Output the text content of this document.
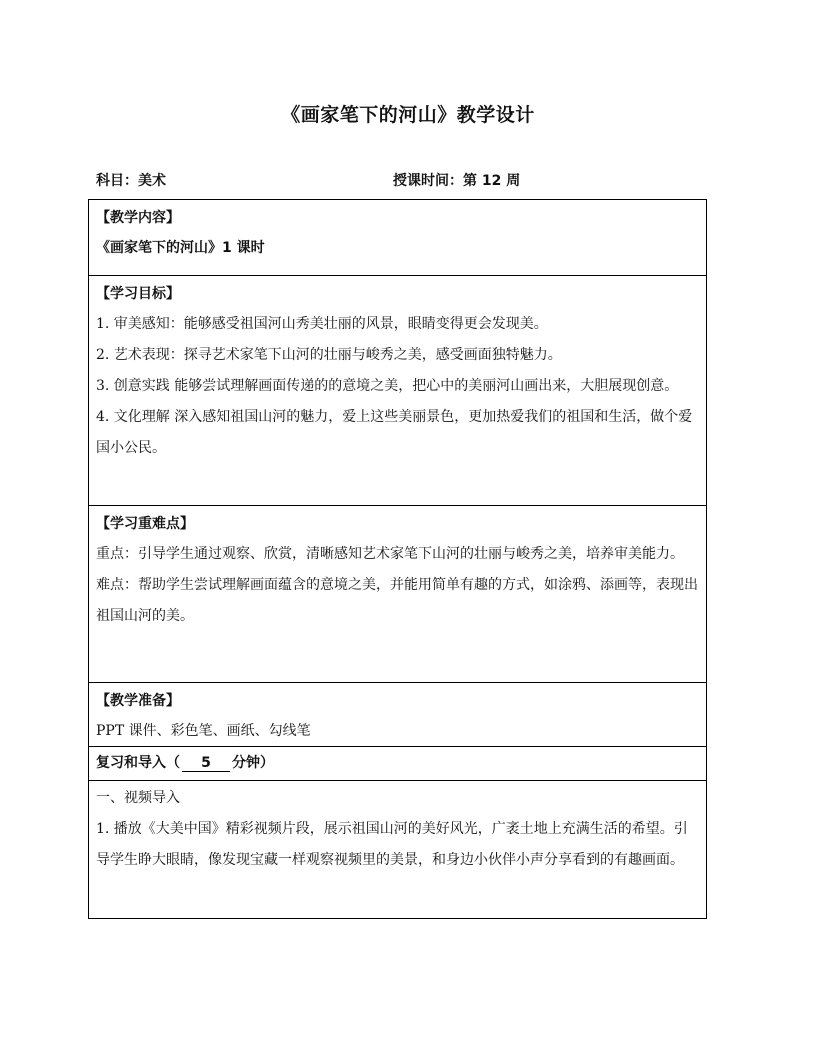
《画家笔下的河山》教学设计
科目：美术	授课时间：第 12 周
【教学内容】
《画家笔下的河山》1 课时
【学习目标】
1. 审美感知：能够感受祖国河山秀美壮丽的风景，眼睛变得更会发现美。
2. 艺术表现：探寻艺术家笔下山河的壮丽与峻秀之美，感受画面独特魅力。
3. 创意实践 能够尝试理解画面传递的的意境之美，把心中的美丽河山画出来，大胆展现创意。
4. 文化理解 深入感知祖国山河的魅力，爱上这些美丽景色，更加热爱我们的祖国和生活，做个爱国小公民。
【学习重难点】
重点：引导学生通过观察、欣赏，清晰感知艺术家笔下山河的壮丽与峻秀之美，培养审美能力。
难点：帮助学生尝试理解画面蕴含的意境之美，并能用简单有趣的方式，如涂鸦、添画等，表现出祖国山河的美。
【教学准备】
PPT 课件、彩色笔、画纸、勾线笔
复习和导入（ 5 分钟）
一、视频导入
1. 播放《大美中国》精彩视频片段，展示祖国山河的美好风光，广袤土地上充满生活的希望。引导学生睁大眼睛，像发现宝藏一样观察视频里的美景，和身边小伙伴小声分享看到的有趣画面。
